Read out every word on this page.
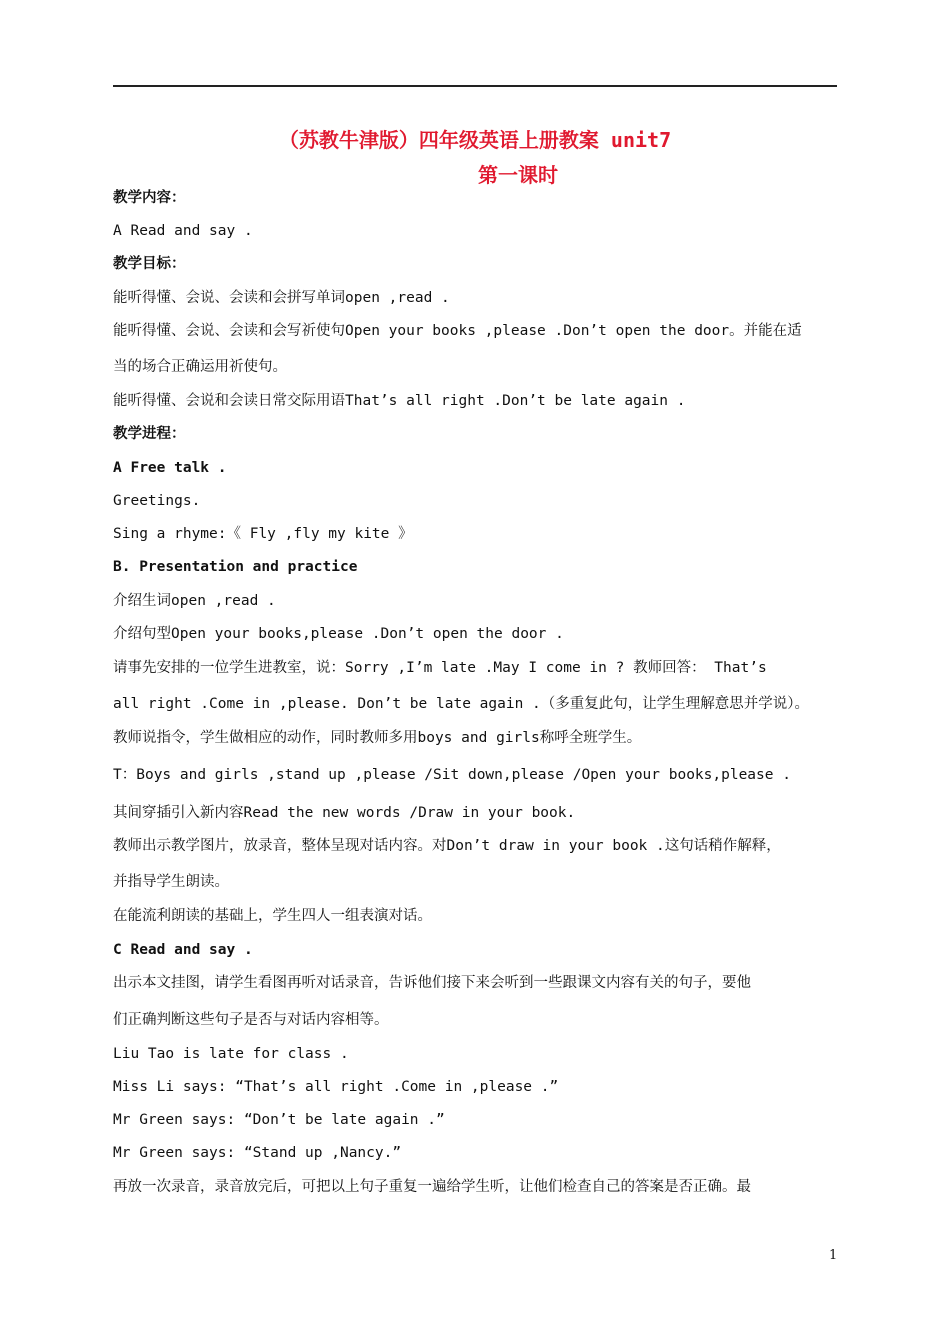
（苏教牛津版）四年级英语上册教案 unit7
第一课时
教学内容：
A Read and say .
教学目标：
能听得懂、会说、会读和会拼写单词open ,read .
能听得懂、会说、会读和会写祈使句Open your books ,please .Don’t open the door。并能在适
当的场合正确运用祈使句。
能听得懂、会说和会读日常交际用语That’s all right .Don’t be late again .
教学进程：
A Free talk .
Greetings.
Sing a rhyme:《 Fly ,fly my kite 》
B. Presentation and practice
介绍生词open ,read .
介绍句型Open your books,please .Don’t open the door .
请事先安排的一位学生进教室，说：Sorry ,I’m late .May I come in ? 教师回答： That’s
all right .Come in ,please. Don’t be late again .（多重复此句，让学生理解意思并学说）。
教师说指令，学生做相应的动作，同时教师多用boys and girls称呼全班学生。
T：Boys and girls ,stand up ,please /Sit down,please /Open your books,please .
其间穿插引入新内容Read the new words /Draw in your book.
教师出示教学图片，放录音，整体呈现对话内容。对Don’t draw in your book .这句话稍作解释，
并指导学生朗读。
在能流利朗读的基础上，学生四人一组表演对话。
C Read and say .
出示本文挂图，请学生看图再听对话录音，告诉他们接下来会听到一些跟课文内容有关的句子，要他
们正确判断这些句子是否与对话内容相等。
Liu Tao is late for class .
Miss Li says: “That’s all right .Come in ,please .”
Mr Green says: “Don’t be late again .”
Mr Green says: “Stand up ,Nancy.”
再放一次录音，录音放完后，可把以上句子重复一遍给学生听，让他们检查自己的答案是否正确。最
1
